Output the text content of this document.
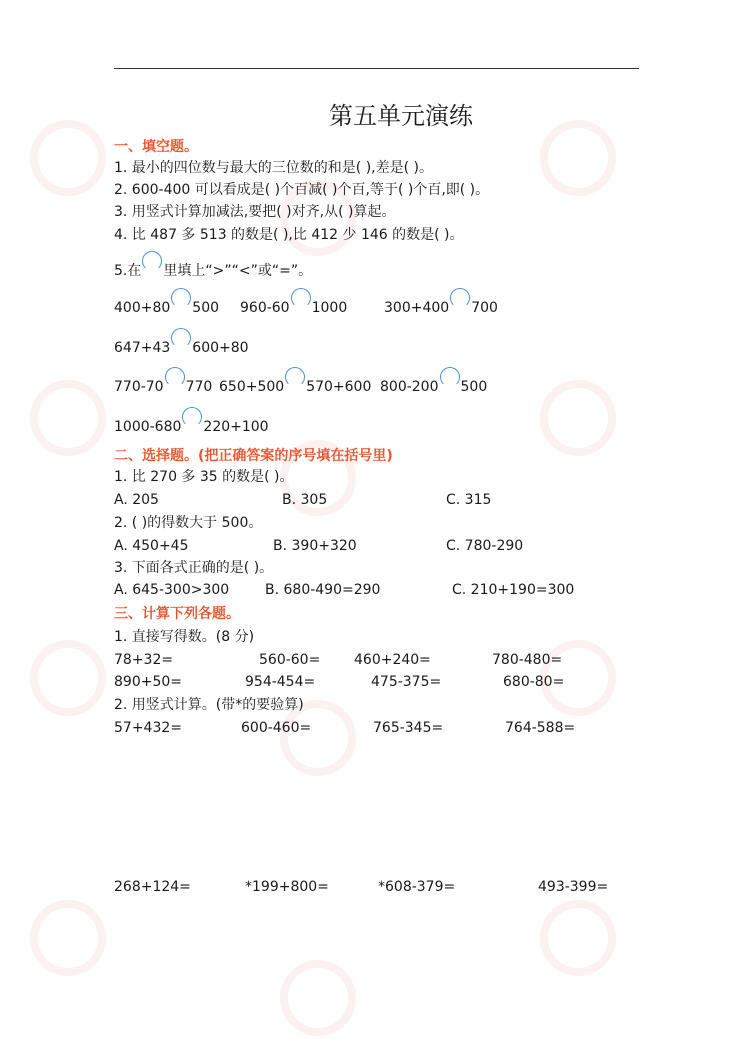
第五单元演练
一、填空题。
1. 最小的四位数与最大的三位数的和是( ),差是( )。
2. 600-400 可以看成是( )个百减( )个百,等于( )个百,即( )。
3. 用竖式计算加减法,要把( )对齐,从( )算起。
4. 比 487 多 513 的数是( ),比 412 少 146 的数是( )。
5.在 里填上“>”“<”或“=”。
400+80 500 960-60 1000	300+400 700
647+43 600+80
770-70 770 650+500 570+600 800-200 500
1000-680 220+100
二、选择题。(把正确答案的序号填在括号里)
1. 比 270 多 35 的数是( )。
A. 205	B. 305	C. 315
2. ( )的得数大于 500。
A. 450+45	B. 390+320	C. 780-290
3. 下面各式正确的是( )。
A. 645-300>300	B. 680-490=290	C. 210+190=300
三、计算下列各题。
1. 直接写得数。(8 分)
78+32=	560-60= 460+240=	780-480=
890+50=	954-454=	475-375=	680-80=
2. 用竖式计算。(带*的要验算)
57+432=	600-460=	765-345=	764-588=
268+124=	*199+800=	*608-379=	493-399=
